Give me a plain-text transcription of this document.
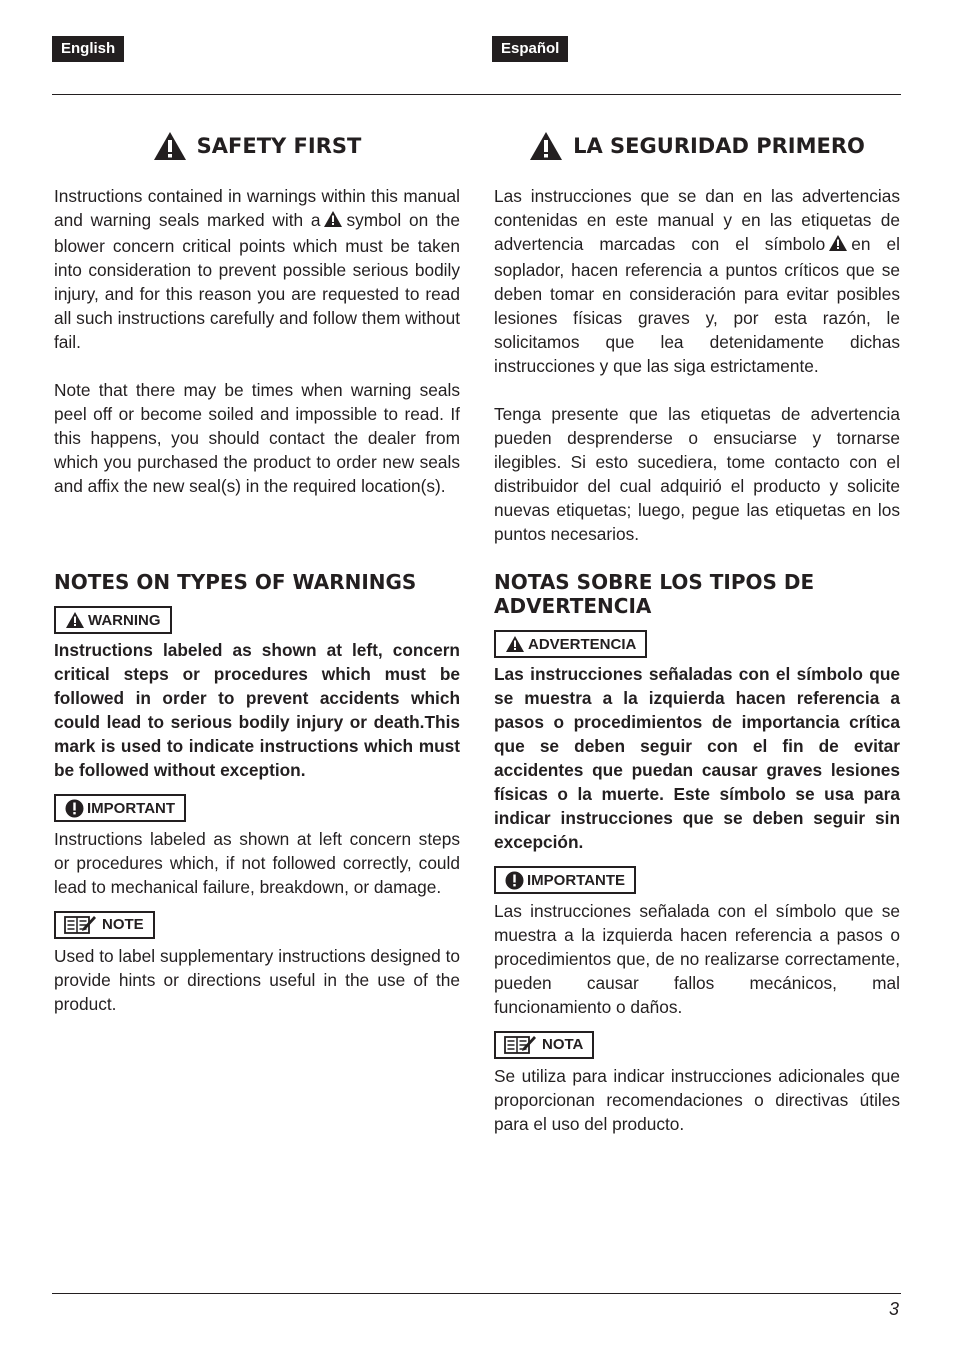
English	Español
SAFETY FIRST

Instructions contained in warnings within this manual and warning seals marked with a symbol on the blower concern critical points which must be taken into consideration to prevent possible serious bodily injury, and for this reason you are requested to read all such instructions carefully and follow them without fail.

Note that there may be times when warning seals peel off or become soiled and impossible to read. If this happens, you should contact the dealer from which you purchased the product to order new seals and affix the new seal(s) in the required location(s).

NOTES ON TYPES OF WARNINGS
WARNING

Instructions labeled as shown at left, concern critical steps or procedures which must be followed in order to prevent accidents which could lead to serious bodily injury or death.This mark is used to indicate instructions which must be followed without exception.

IMPORTANT

Instructions labeled as shown at left concern steps or procedures which, if not followed correctly, could lead to mechanical failure, breakdown, or damage.

NOTE

Used to label supplementary instructions designed to provide hints or directions useful in the use of the product.

LA SEGURIDAD PRIMERO

Las instrucciones que se dan en las advertencias contenidas en este manual y en las etiquetas de advertencia marcadas con el símbolo en el soplador, hacen referencia a puntos críticos que se deben tomar en consideración para evitar posibles lesiones físicas graves y, por esta razón, le solicitamos que lea detenidamente dichas instrucciones y que las siga estrictamente.

Tenga presente que las etiquetas de advertencia pueden desprenderse o ensuciarse y tornarse ilegibles. Si esto sucediera, tome contacto con el distribuidor del cual adquirió el producto y solicite nuevas etiquetas; luego, pegue las etiquetas en los puntos necesarios.

NOTAS SOBRE LOS TIPOS DE ADVERTENCIA
ADVERTENCIA

Las instrucciones señaladas con el símbolo que se muestra a la izquierda hacen referencia a pasos o procedimientos de importancia crítica que se deben seguir con el fin de evitar accidentes que puedan causar graves lesiones físicas o la muerte. Este símbolo se usa para indicar instrucciones que se deben seguir sin excepción.

IMPORTANTE

Las instrucciones señalada con el símbolo que se muestra a la izquierda hacen referencia a pasos o procedimientos que, de no realizarse correctamente, pueden causar fallos mecánicos, mal funcionamiento o daños.

NOTA

Se utiliza para indicar instrucciones adicionales que proporcionan recomendaciones o directivas útiles para el uso del producto.

3
